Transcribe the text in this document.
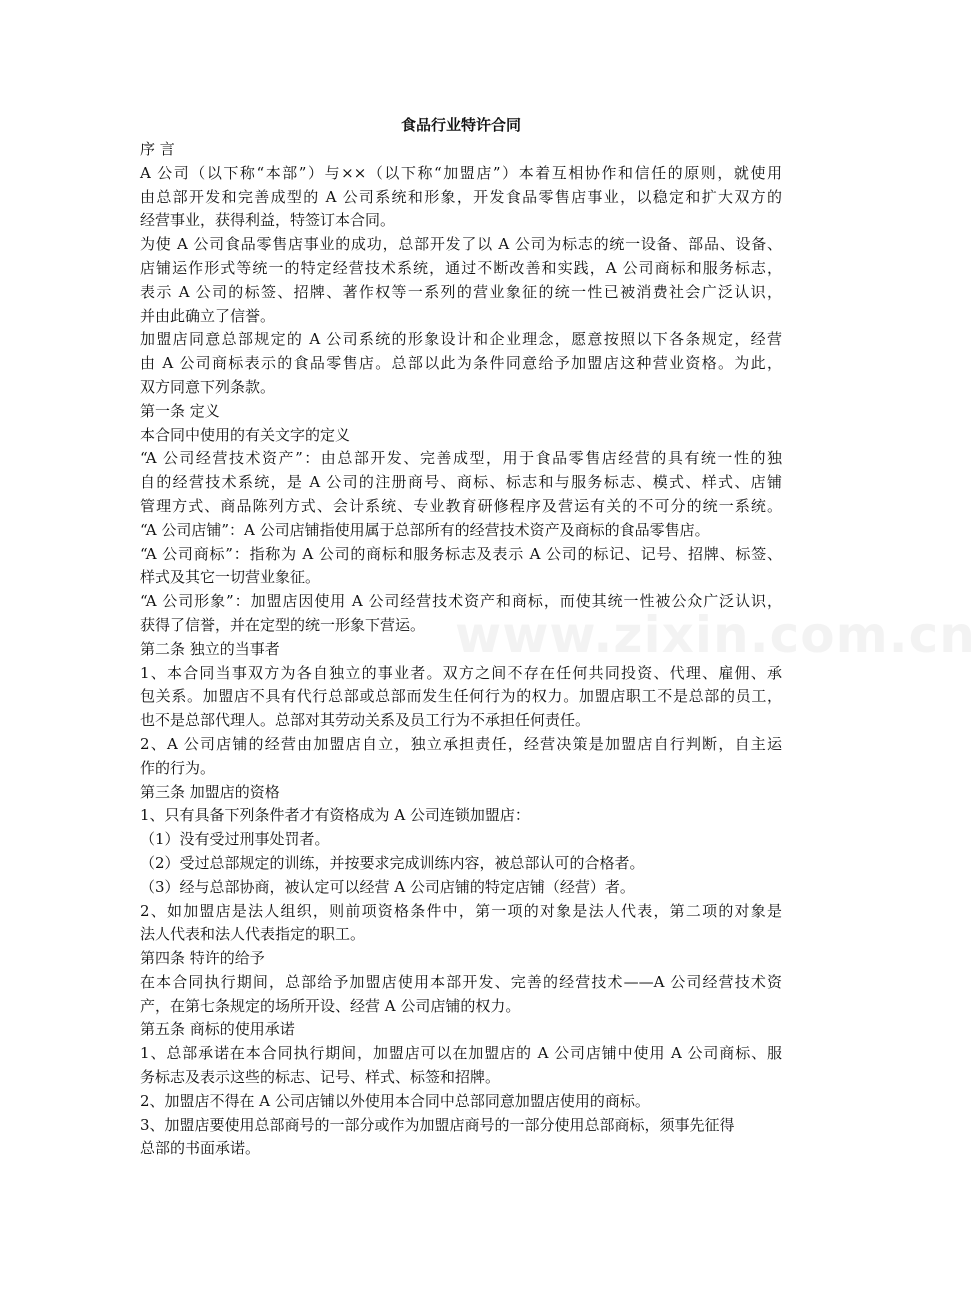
食品行业特许合同

序 言

A 公司（以下称“本部”）与××（以下称“加盟店”）本着互相协作和信任的原则，就使用

由总部开发和完善成型的 A 公司系统和形象，开发食品零售店事业，以稳定和扩大双方的

经营事业，获得利益，特签订本合同。

为使 A 公司食品零售店事业的成功，总部开发了以 A 公司为标志的统一设备、部品、设备、

店铺运作形式等统一的特定经营技术系统，通过不断改善和实践，A 公司商标和服务标志，

表示 A 公司的标签、招牌、著作权等一系列的营业象征的统一性已被消费社会广泛认识，

并由此确立了信誉。

加盟店同意总部规定的 A 公司系统的形象设计和企业理念，愿意按照以下各条规定，经营

由 A 公司商标表示的食品零售店。总部以此为条件同意给予加盟店这种营业资格。为此，

双方同意下列条款。

第一条 定义

本合同中使用的有关文字的定义

“A 公司经营技术资产”：由总部开发、完善成型，用于食品零售店经营的具有统一性的独

自的经营技术系统，是 A 公司的注册商号、商标、标志和与服务标志、模式、样式、店铺

管理方式、商品陈列方式、会计系统、专业教育研修程序及营运有关的不可分的统一系统。

“A 公司店铺”：A 公司店铺指使用属于总部所有的经营技术资产及商标的食品零售店。

“A 公司商标”：指称为 A 公司的商标和服务标志及表示 A 公司的标记、记号、招牌、标签、

样式及其它一切营业象征。

“A 公司形象”：加盟店因使用 A 公司经营技术资产和商标，而使其统一性被公众广泛认识，

获得了信誉，并在定型的统一形象下营运。

第二条 独立的当事者

1、本合同当事双方为各自独立的事业者。双方之间不存在任何共同投资、代理、雇佣、承

包关系。加盟店不具有代行总部或总部而发生任何行为的权力。加盟店职工不是总部的员工，

也不是总部代理人。总部对其劳动关系及员工行为不承担任何责任。

2、A 公司店铺的经营由加盟店自立，独立承担责任，经营决策是加盟店自行判断，自主运

作的行为。

第三条 加盟店的资格

1、只有具备下列条件者才有资格成为 A 公司连锁加盟店：

（1）没有受过刑事处罚者。

（2）受过总部规定的训练，并按要求完成训练内容，被总部认可的合格者。

（3）经与总部协商，被认定可以经营 A 公司店铺的特定店铺（经营）者。

2、如加盟店是法人组织，则前项资格条件中，第一项的对象是法人代表，第二项的对象是

法人代表和法人代表指定的职工。

第四条 特许的给予

在本合同执行期间，总部给予加盟店使用本部开发、完善的经营技术——A 公司经营技术资

产，在第七条规定的场所开设、经营 A 公司店铺的权力。

第五条 商标的使用承诺

1、总部承诺在本合同执行期间，加盟店可以在加盟店的 A 公司店铺中使用 A 公司商标、服

务标志及表示这些的标志、记号、样式、标签和招牌。

2、加盟店不得在 A 公司店铺以外使用本合同中总部同意加盟店使用的商标。

3、加盟店要使用总部商号的一部分或作为加盟店商号的一部分使用总部商标，须事先征得

总部的书面承诺。

www.zixin.com.cn
